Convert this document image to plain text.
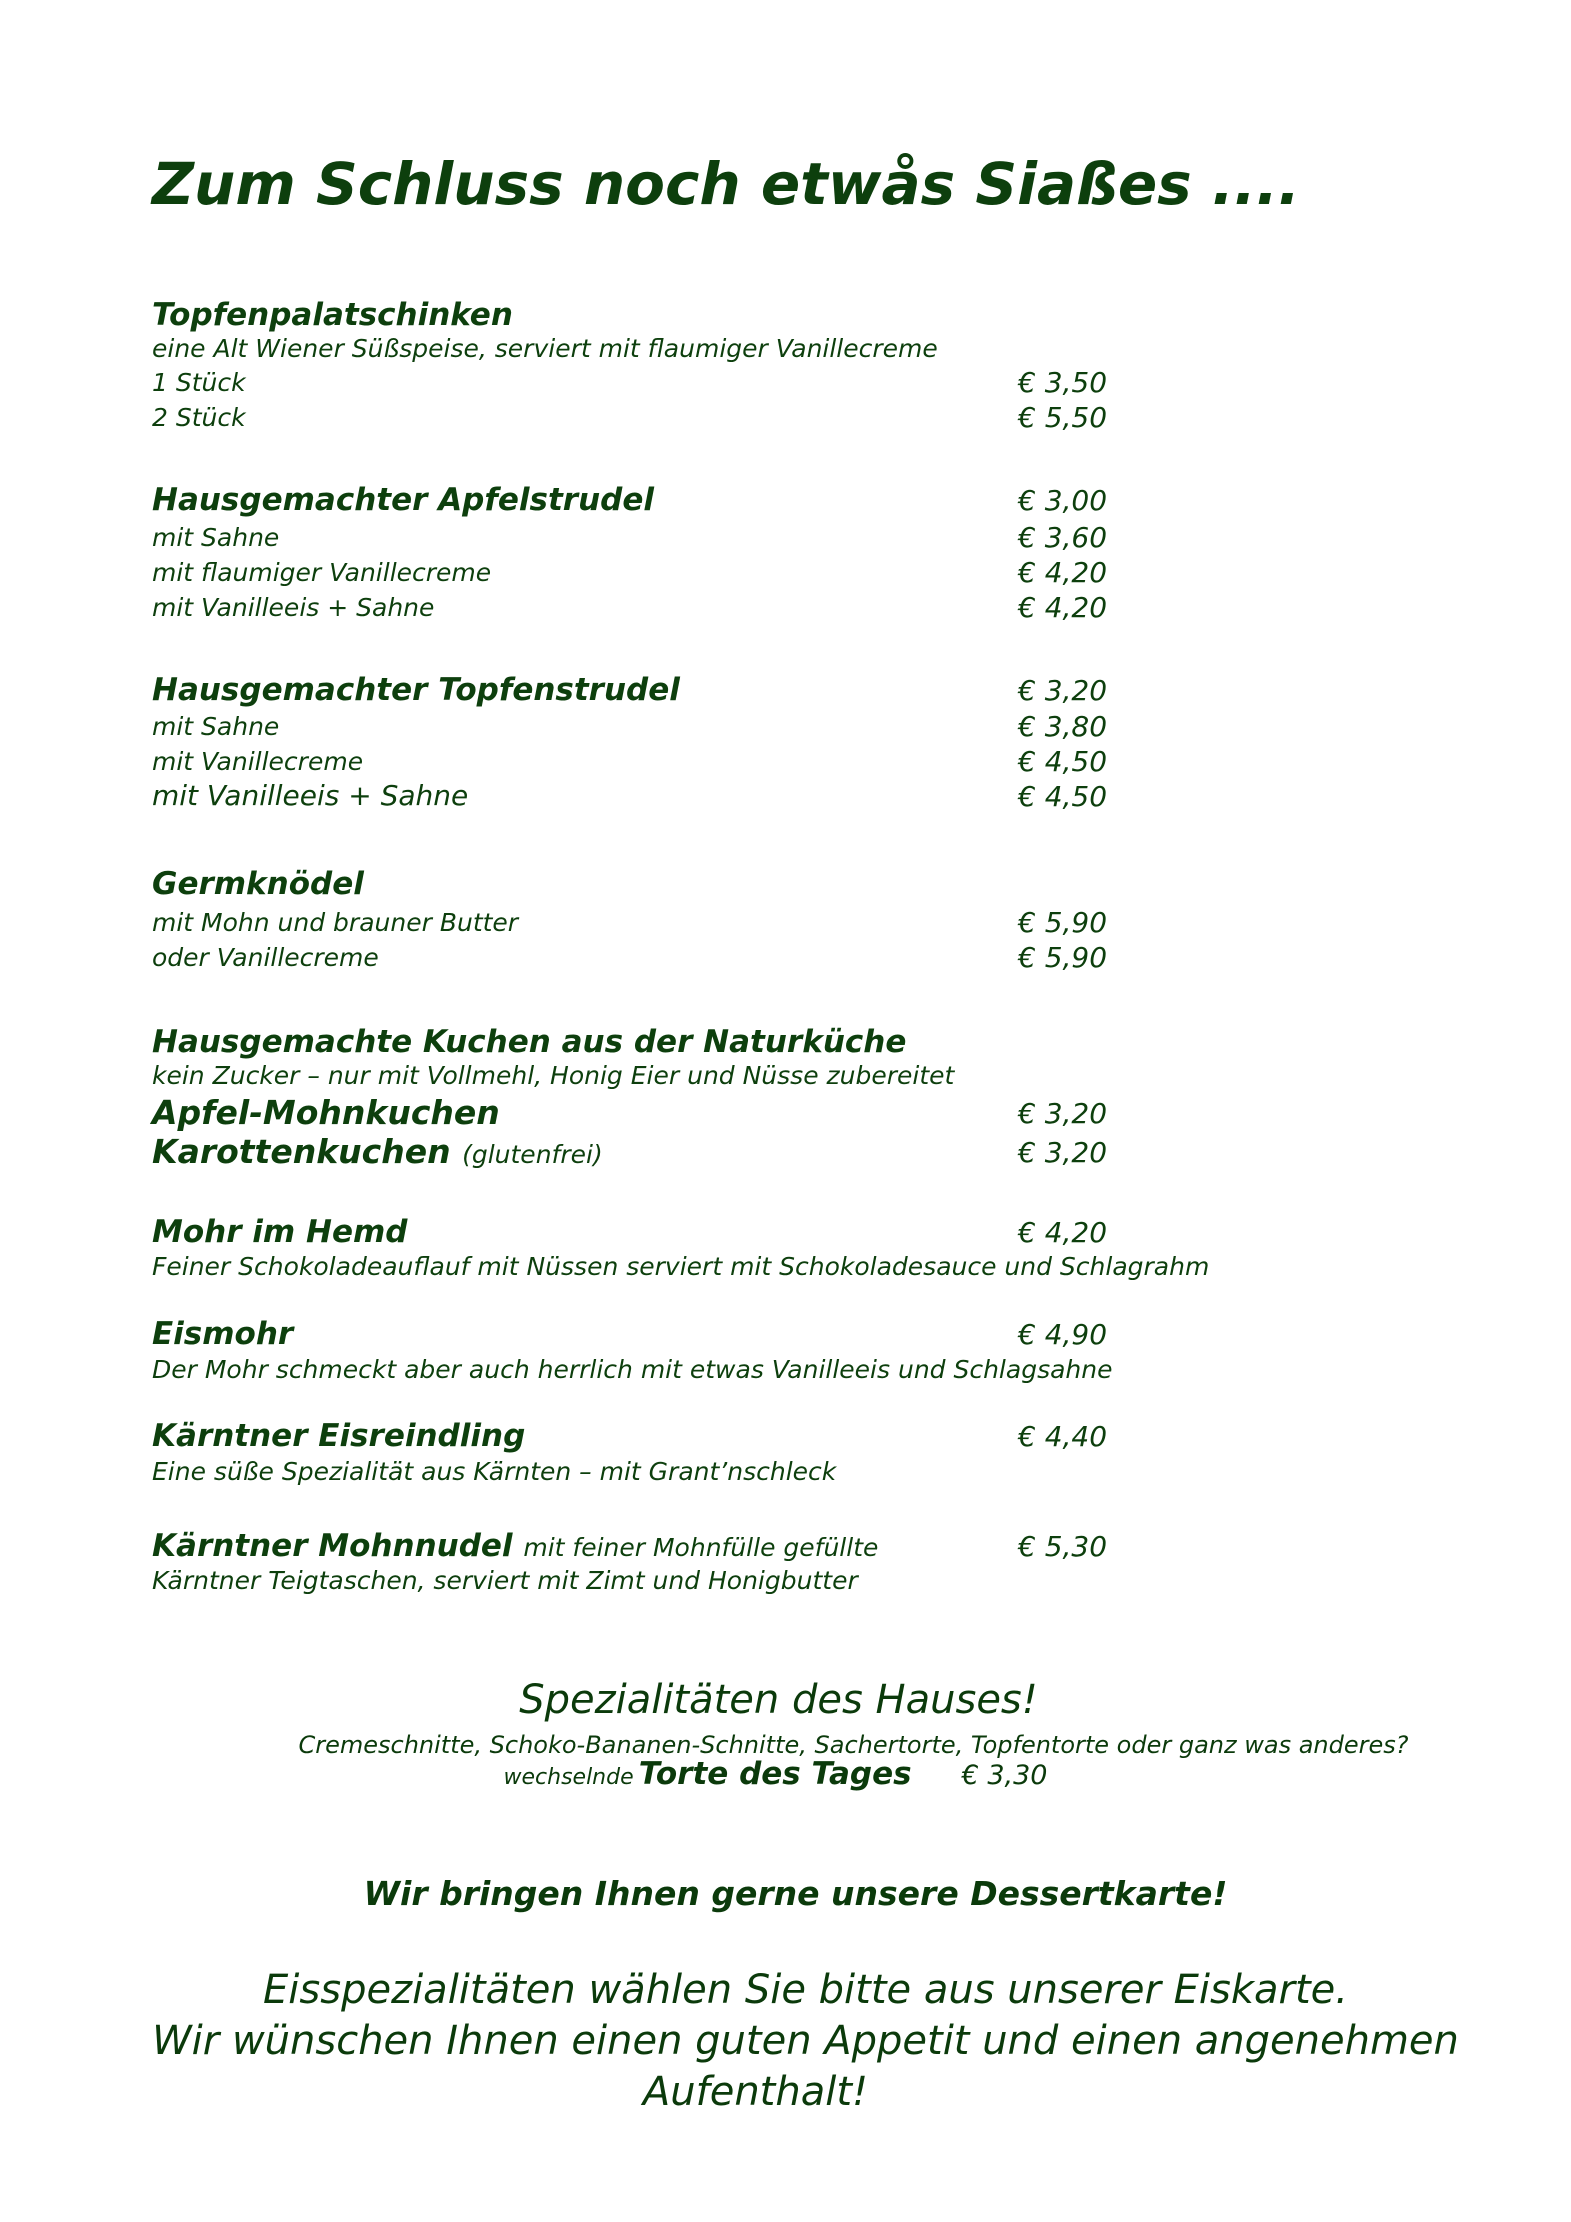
Zum Schluss noch etwås Siaßes ....
Topfenpalatschinken
eine Alt Wiener Süßspeise, serviert mit flaumiger Vanillecreme
1 Stück	€ 3,50
2 Stück	€ 5,50
Hausgemachter Apfelstrudel	€ 3,00
mit Sahne	€ 3,60
mit flaumiger Vanillecreme	€ 4,20
mit Vanilleeis + Sahne	€ 4,20
Hausgemachter Topfenstrudel	€ 3,20
mit Sahne	€ 3,80
mit Vanillecreme	€ 4,50
mit Vanilleeis + Sahne	€ 4,50
Germknödel
mit Mohn und brauner Butter	€ 5,90
oder Vanillecreme	€ 5,90
Hausgemachte Kuchen aus der Naturküche
kein Zucker – nur mit Vollmehl, Honig Eier und Nüsse zubereitet
Apfel-Mohnkuchen	€ 3,20
Karottenkuchen (glutenfrei)	€ 3,20
Mohr im Hemd	€ 4,20
Feiner Schokoladeauflauf mit Nüssen serviert mit Schokoladesauce und Schlagrahm
Eismohr	€ 4,90
Der Mohr schmeckt aber auch herrlich mit etwas Vanilleeis und Schlagsahne
Kärntner Eisreindling	€ 4,40
Eine süße Spezialität aus Kärnten – mit Grant’nschleck
Kärntner Mohnnudel mit feiner Mohnfülle gefüllte	€ 5,30
Kärntner Teigtaschen, serviert mit Zimt und Honigbutter
Spezialitäten des Hauses!
Cremeschnitte, Schoko-Bananen-Schnitte, Sachertorte, Topfentorte oder ganz was anderes?
wechselnde Torte des Tages € 3,30
Wir bringen Ihnen gerne unsere Dessertkarte!
Eisspezialitäten wählen Sie bitte aus unserer Eiskarte.
Wir wünschen Ihnen einen guten Appetit und einen angenehmen
Aufenthalt!
